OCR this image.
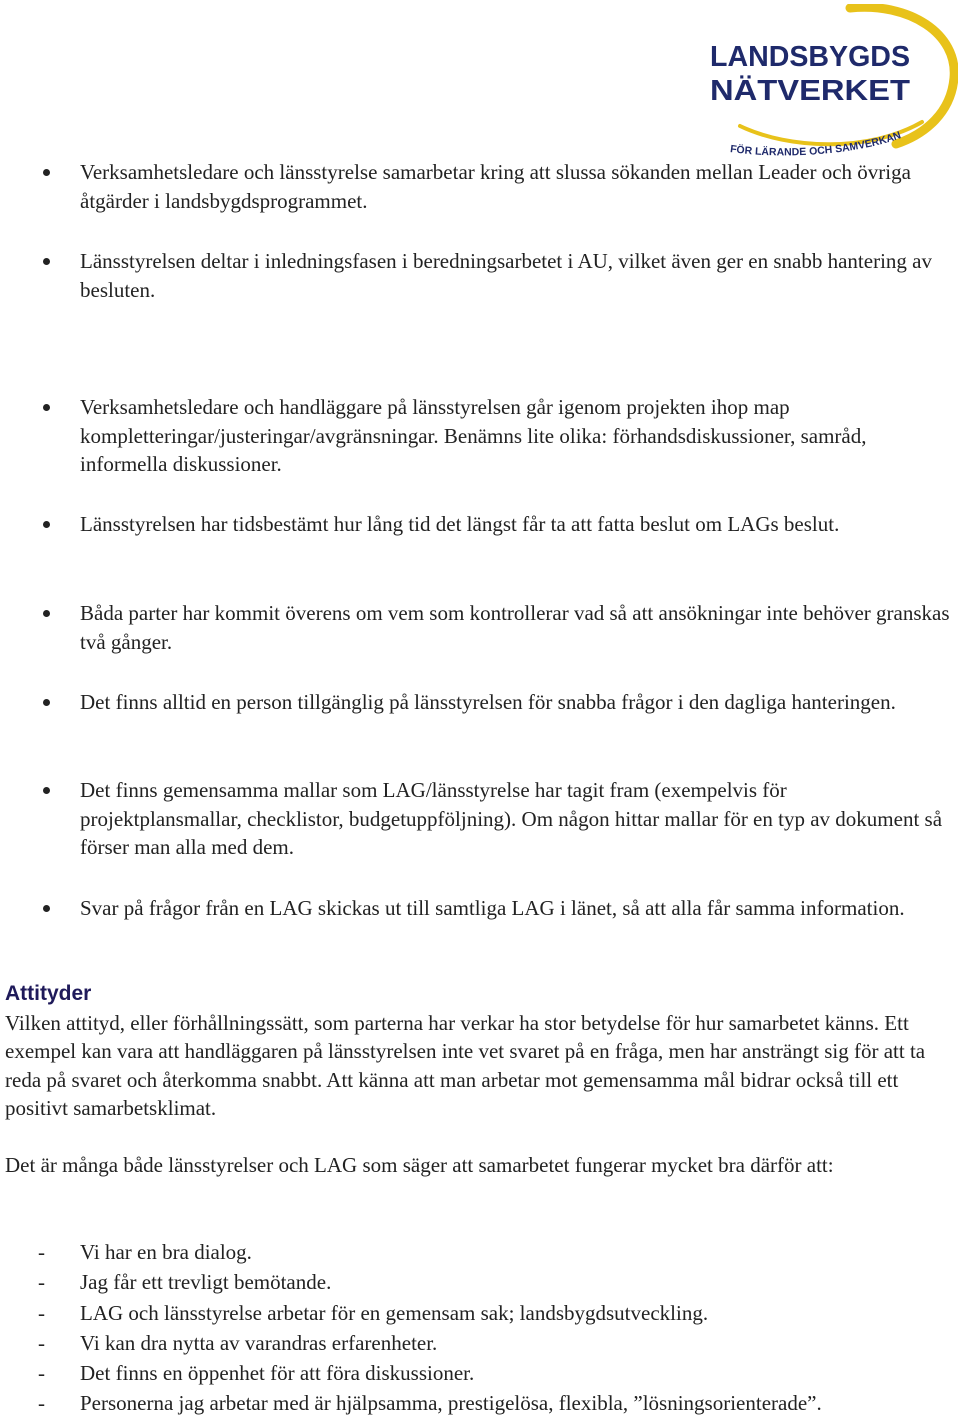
LANDSBYGDS
NÄTVERKET
FÖR LÄRANDE OCH SAMVERKAN

Verksamhetsledare och länsstyrelse samarbetar kring att slussa sökanden mellan Leader och övriga åtgärder i landsbygdsprogrammet.

Länsstyrelsen deltar i inledningsfasen i beredningsarbetet i AU, vilket även ger en snabb hantering av besluten.

Verksamhetsledare och handläggare på länsstyrelsen går igenom projekten ihop map kompletteringar/justeringar/avgränsningar. Benämns lite olika: förhandsdiskussioner, samråd, informella diskussioner.

Länsstyrelsen har tidsbestämt hur lång tid det längst får ta att fatta beslut om LAGs beslut.

Båda parter har kommit överens om vem som kontrollerar vad så att ansökningar inte behöver granskas två gånger.

Det finns alltid en person tillgänglig på länsstyrelsen för snabba frågor i den dagliga hanteringen.

Det finns gemensamma mallar som LAG/länsstyrelse har tagit fram (exempelvis för projektplansmallar, checklistor, budgetuppföljning). Om någon hittar mallar för en typ av dokument så förser man alla med dem.

Svar på frågor från en LAG skickas ut till samtliga LAG i länet, så att alla får samma information.

Attityder

Vilken attityd, eller förhållningssätt, som parterna har verkar ha stor betydelse för hur samarbetet känns. Ett exempel kan vara att handläggaren på länsstyrelsen inte vet svaret på en fråga, men har ansträngt sig för att ta reda på svaret och återkomma snabbt. Att känna att man arbetar mot gemensamma mål bidrar också till ett positivt samarbetsklimat.

Det är många både länsstyrelser och LAG som säger att samarbetet fungerar mycket bra därför att:

- Vi har en bra dialog.
- Jag får ett trevligt bemötande.
- LAG och länsstyrelse arbetar för en gemensam sak; landsbygdsutveckling.
- Vi kan dra nytta av varandras erfarenheter.
- Det finns en öppenhet för att föra diskussioner.
- Personerna jag arbetar med är hjälpsamma, prestigelösa, flexibla, ”lösningsorienterade”.
